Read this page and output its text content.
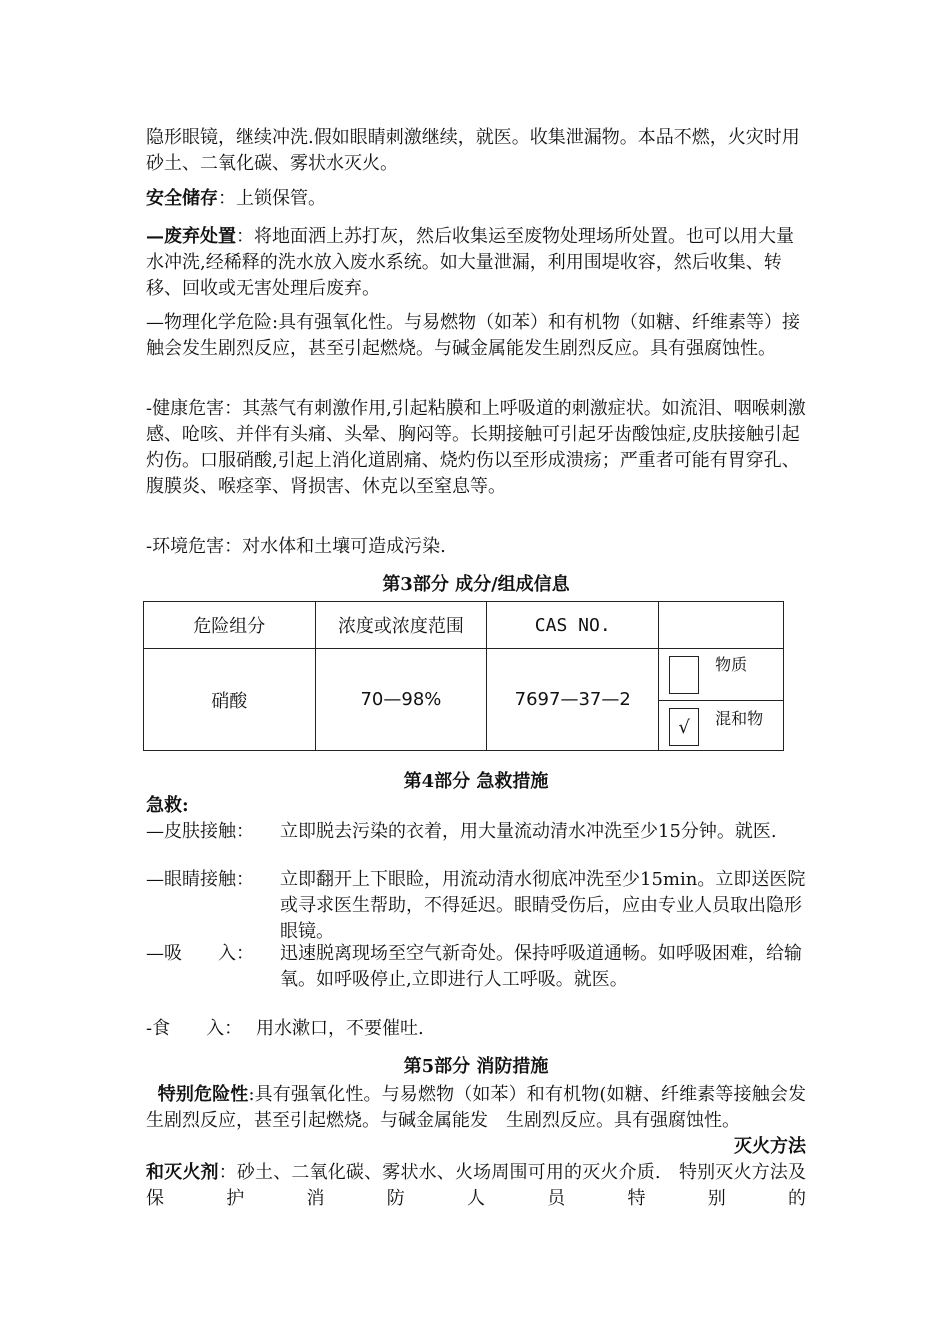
隐形眼镜，继续冲洗.假如眼睛刺激继续，就医。收集泄漏物。本品不燃，火灾时用砂土、二氧化碳、雾状水灭火。

安全储存：上锁保管。

—废弃处置：将地面洒上苏打灰，然后收集运至废物处理场所处置。也可以用大量水冲洗,经稀释的洗水放入废水系统。如大量泄漏，利用围堤收容，然后收集、转移、回收或无害处理后废弃。

—物理化学危险:具有强氧化性。与易燃物（如苯）和有机物（如糖、纤维素等）接触会发生剧烈反应，甚至引起燃烧。与碱金属能发生剧烈反应。具有强腐蚀性。

-健康危害：其蒸气有刺激作用,引起粘膜和上呼吸道的刺激症状。如流泪、咽喉刺激感、呛咳、并伴有头痛、头晕、胸闷等。长期接触可引起牙齿酸蚀症,皮肤接触引起灼伤。口服硝酸,引起上消化道剧痛、烧灼伤以至形成溃疡；严重者可能有胃穿孔、腹膜炎、喉痉挛、肾损害、休克以至窒息等。

-环境危害：对水体和土壤可造成污染.

第3部分 成分/组成信息
危险组分	浓度或浓度范围	CAS NO.	
硝酸	70—98%	7697—37—2	物质
√ 混和物
第4部分 急救措施
急救:
—皮肤接触： 立即脱去污染的衣着，用大量流动清水冲洗至少15分钟。就医.
—眼睛接触： 立即翻开上下眼睑，用流动清水彻底冲洗至少15min。立即送医院或寻求医生帮助，不得延迟。眼睛受伤后，应由专业人员取出隐形眼镜。
—吸　　入： 迅速脱离现场至空气新奇处。保持呼吸道通畅。如呼吸困难，给输氧。如呼吸停止,立即进行人工呼吸。就医。
-食　　入： 用水漱口，不要催吐.
第5部分 消防措施

特别危险性:具有强氧化性。与易燃物（如苯）和有机物(如糖、纤维素等接触会发生剧烈反应，甚至引起燃烧。与碱金属能发　生剧烈反应。具有强腐蚀性。

灭火方法

和灭火剂：砂土、二氧化碳、雾状水、火场周围可用的灭火介质.　特别灭火方法及保护消防人员特别的
